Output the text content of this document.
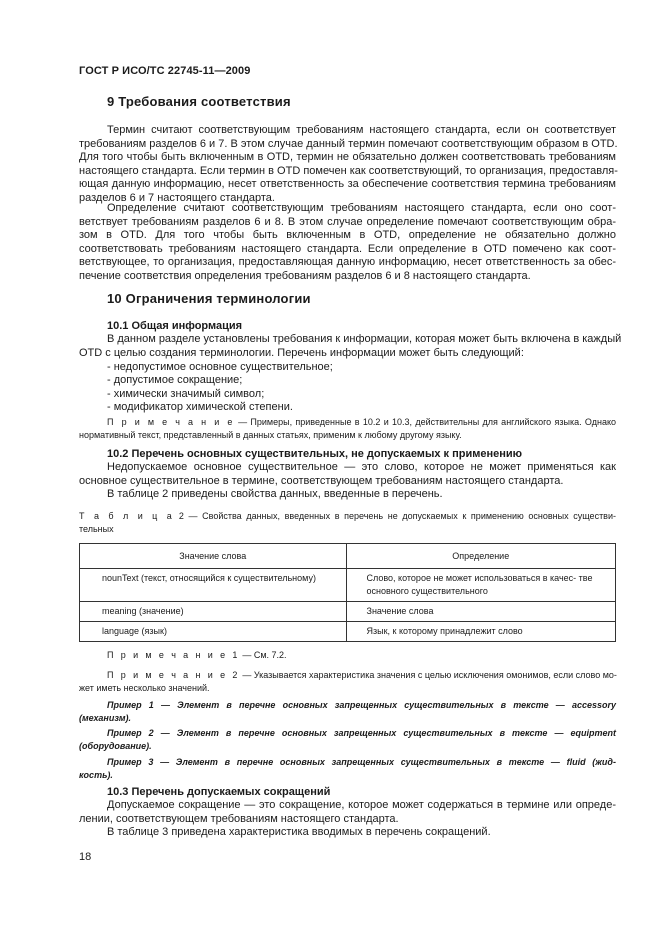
ГОСТ Р ИСО/ТС 22745-11—2009
9 Требования соответствия
Термин считают соответствующим требованиям настоящего стандарта, если он соответствует
требованиям разделов 6 и 7. В этом случае данный термин помечают соответствующим образом в OTD.
Для того чтобы быть включенным в OTD, термин не обязательно должен соответствовать требованиям
настоящего стандарта. Если термин в OTD помечен как соответствующий, то организация, предоставля-
ющая данную информацию, несет ответственность за обеспечение соответствия термина требованиям
разделов 6 и 7 настоящего стандарта.
Определение считают соответствующим требованиям настоящего стандарта, если оно соот-
ветствует требованиям разделов 6 и 8. В этом случае определение помечают соответствующим обра-
зом в OTD. Для того чтобы быть включенным в OTD, определение не обязательно должно
соответствовать требованиям настоящего стандарта. Если определение в OTD помечено как соот-
ветствующее, то организация, предоставляющая данную информацию, несет ответственность за обес-
печение соответствия определения требованиям разделов 6 и 8 настоящего стандарта.
10 Ограничения терминологии
10.1 Общая информация
В данном разделе установлены требования к информации, которая может быть включена в каждый
OTD с целью создания терминологии. Перечень информации может быть следующий:
- недопустимое основное существительное;
- допустимое сокращение;
- химически значимый символ;
- модификатор химической степени.
П р и м е ч а н и е — Примеры, приведенные в 10.2 и 10.3, действительны для английского языка. Однако
нормативный текст, представленный в данных статьях, применим к любому другому языку.
10.2 Перечень основных существительных, не допускаемых к применению
Недопускаемое основное существительное — это слово, которое не может применяться как
основное существительное в термине, соответствующем требованиям настоящего стандарта.
В таблице 2 приведены свойства данных, введенные в перечень.
Т а б л и ц а 2 — Свойства данных, введенных в перечень не допускаемых к применению основных существи-
тельных
Значение слова	Определение
nounText (текст, относящийся к существительному)	Слово, которое не может использоваться в качес- тве основного существительного
meaning (значение)	Значение слова
language (язык)	Язык, к которому принадлежит слово
П р и м е ч а н и е 1 — См. 7.2.
П р и м е ч а н и е 2 — Указывается характеристика значения с целью исключения омонимов, если слово мо-
жет иметь несколько значений.
Пример 1 — Элемент в перечне основных запрещенных существительных в тексте — accessory
(механизм).
Пример 2 — Элемент в перечне основных запрещенных существительных в тексте — equipment
(оборудование).
Пример 3 — Элемент в перечне основных запрещенных существительных в тексте — fluid (жид-
кость).
10.3 Перечень допускаемых сокращений
Допускаемое сокращение — это сокращение, которое может содержаться в термине или опреде-
лении, соответствующем требованиям настоящего стандарта.
В таблице 3 приведена характеристика вводимых в перечень сокращений.
18
